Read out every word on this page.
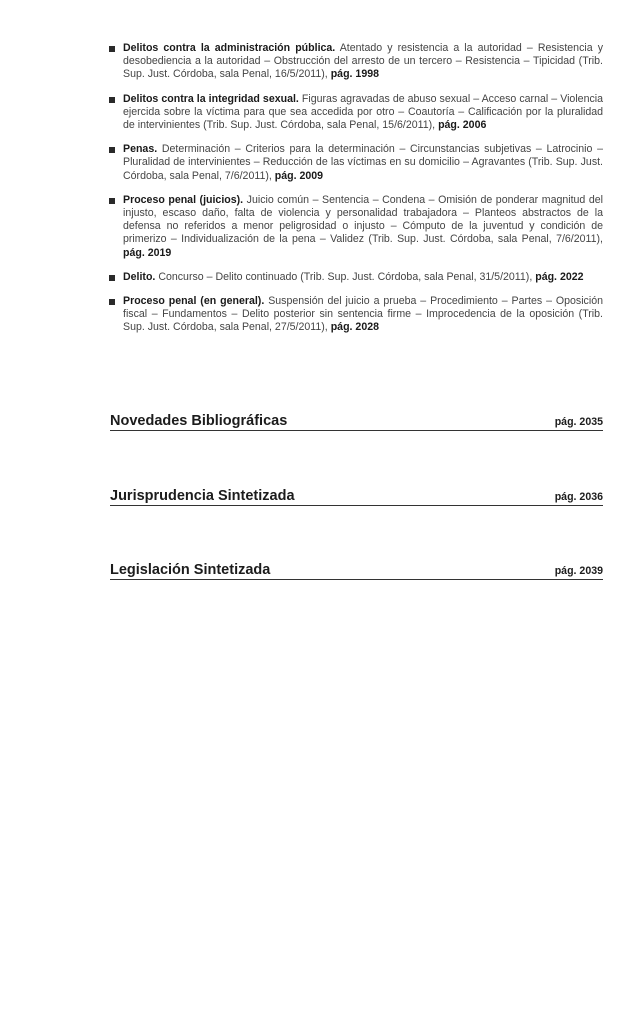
Delitos contra la administración pública. Atentado y resistencia a la autoridad – Resistencia y desobediencia a la autoridad – Obstrucción del arresto de un tercero – Resistencia – Tipicidad (Trib. Sup. Just. Córdoba, sala Penal, 16/5/2011), pág. 1998
Delitos contra la integridad sexual. Figuras agravadas de abuso sexual – Acceso carnal – Violencia ejercida sobre la víctima para que sea accedida por otro – Coautoría – Calificación por la pluralidad de intervinientes (Trib. Sup. Just. Córdoba, sala Penal, 15/6/2011), pág. 2006
Penas. Determinación – Criterios para la determinación – Circunstancias subjetivas – Latrocinio – Pluralidad de intervinientes – Reducción de las víctimas en su domicilio – Agravantes (Trib. Sup. Just. Córdoba, sala Penal, 7/6/2011), pág. 2009
Proceso penal (juicios). Juicio común – Sentencia – Condena – Omisión de ponderar magnitud del injusto, escaso daño, falta de violencia y personalidad trabajadora – Planteos abstractos de la defensa no referidos a menor peligrosidad o injusto – Cómputo de la juventud y condición de primerizo – Individualización de la pena – Validez (Trib. Sup. Just. Córdoba, sala Penal, 7/6/2011), pág. 2019
Delito. Concurso – Delito continuado (Trib. Sup. Just. Córdoba, sala Penal, 31/5/2011), pág. 2022
Proceso penal (en general). Suspensión del juicio a prueba – Procedimiento – Partes – Oposición fiscal – Fundamentos – Delito posterior sin sentencia firme – Improcedencia de la oposición (Trib. Sup. Just. Córdoba, sala Penal, 27/5/2011), pág. 2028
Novedades Bibliográficas	pág. 2035
Jurisprudencia Sintetizada	pág. 2036
Legislación Sintetizada	pág. 2039
